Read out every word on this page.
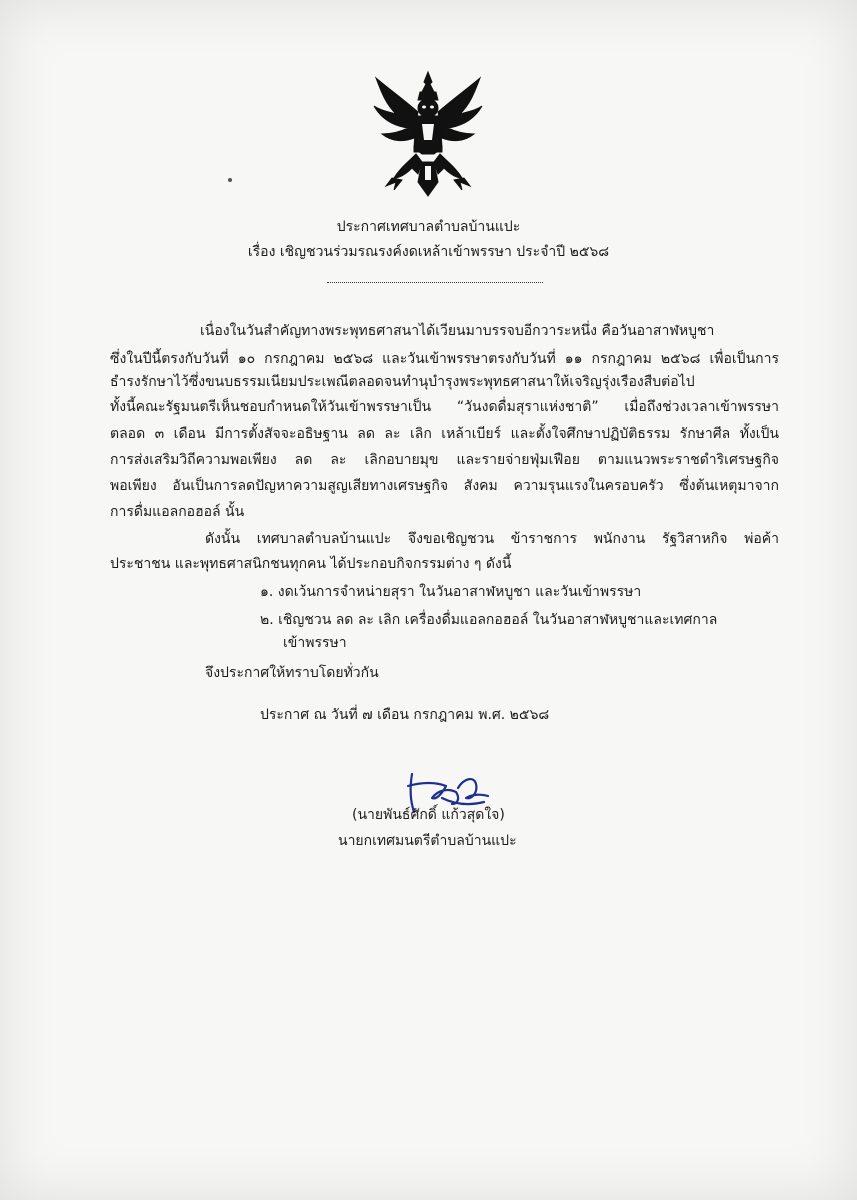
ประกาศเทศบาลตำบลบ้านแปะ
เรื่อง เชิญชวนร่วมรณรงค์งดเหล้าเข้าพรรษา ประจำปี ๒๕๖๘
เนื่องในวันสำคัญทางพระพุทธศาสนาได้เวียนมาบรรจบอีกวาระหนึ่ง คือวันอาสาฬหบูชา
ซึ่งในปีนี้ตรงกับวันที่ ๑๐ กรกฎาคม ๒๕๖๘ และวันเข้าพรรษาตรงกับวันที่ ๑๑ กรกฎาคม ๒๕๖๘ เพื่อเป็นการ
ธำรงรักษาไว้ซึ่งขนบธรรมเนียมประเพณีตลอดจนทำนุบำรุงพระพุทธศาสนาให้เจริญรุ่งเรืองสืบต่อไป
ทั้งนี้คณะรัฐมนตรีเห็นชอบกำหนดให้วันเข้าพรรษาเป็น “วันงดดื่มสุราแห่งชาติ” เมื่อถึงช่วงเวลาเข้าพรรษา
ตลอด ๓ เดือน มีการตั้งสัจจะอธิษฐาน ลด ละ เลิก เหล้าเบียร์ และตั้งใจศึกษาปฏิบัติธรรม รักษาศีล ทั้งเป็น
การส่งเสริมวิถีความพอเพียง ลด ละ เลิกอบายมุข และรายจ่ายฟุ่มเฟือย ตามแนวพระราชดำริเศรษฐกิจ
พอเพียง อันเป็นการลดปัญหาความสูญเสียทางเศรษฐกิจ สังคม ความรุนแรงในครอบครัว ซึ่งต้นเหตุมาจาก
การดื่มแอลกอฮอล์ นั้น
ดังนั้น เทศบาลตำบลบ้านแปะ จึงขอเชิญชวน ข้าราชการ พนักงาน รัฐวิสาหกิจ พ่อค้า
ประชาชน และพุทธศาสนิกชนทุกคน ได้ประกอบกิจกรรมต่าง ๆ ดังนี้
๑. งดเว้นการจำหน่ายสุรา ในวันอาสาฬหบูชา และวันเข้าพรรษา
๒. เชิญชวน ลด ละ เลิก เครื่องดื่มแอลกอฮอล์ ในวันอาสาฬหบูชาและเทศกาล
เข้าพรรษา
จึงประกาศให้ทราบโดยทั่วกัน
ประกาศ ณ วันที่ ๗ เดือน กรกฎาคม พ.ศ. ๒๕๖๘
(นายพันธ์ศักดิ์ แก้วสุดใจ)
นายกเทศมนตรีตำบลบ้านแปะ
